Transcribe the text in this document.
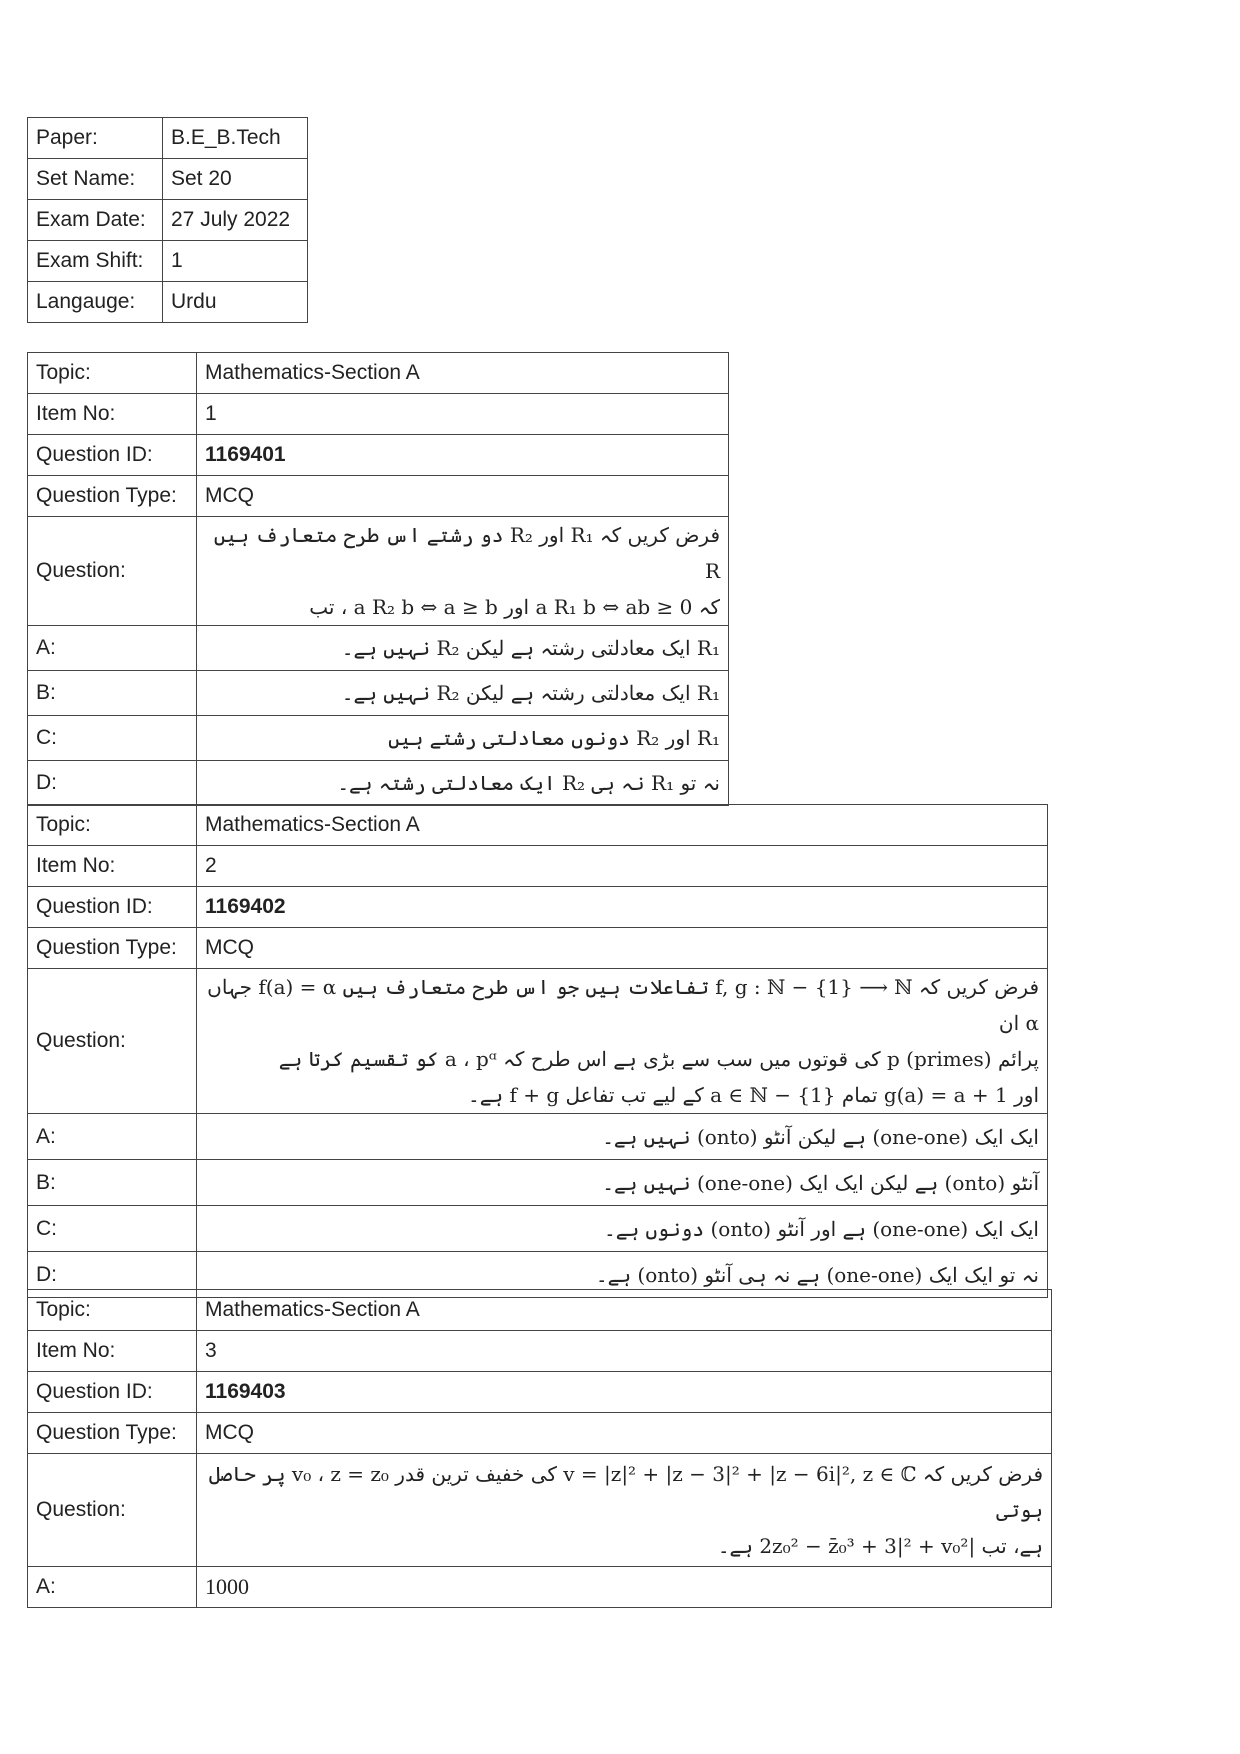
Paper:	B.E_B.Tech
Set Name:	Set 20
Exam Date:	27 July 2022
Exam Shift:	1
Langauge:	Urdu
Topic:	Mathematics-Section A
Item No:	1
Question ID:	1169401
Question Type:	MCQ
Question:	فرض کریں کہ R₁ اور R₂ دو رشتے اس طرح متعارف ہیں R
کہ a R₁ b ⇔ ab ≥ 0 اور a R₂ b ⇔ a ≥ b ، تب

A:	R₁ ایک معادلتی رشتہ ہے لیکن R₂ نہیں ہے۔
B:	R₁ ایک معادلتی رشتہ ہے لیکن R₂ نہیں ہے۔
C:	R₁ اور R₂ دونوں معادلتی رشتے ہیں
D:	نہ تو R₁ نہ ہی R₂ ایک معادلتی رشتہ ہے۔
Topic:	Mathematics-Section A
Item No:	2
Question ID:	1169402
Question Type:	MCQ
Question:	فرض کریں کہ f, g : ℕ − {1} ⟶ ℕ تفاعلات ہیں جو اس طرح متعارف ہیں f(a) = α جہاں α ان
پرائم (primes) p کی قوتوں میں سب سے بڑی ہے اس طرح کہ a ، pᵅ کو تقسیم کرتا ہے
اور g(a) = a + 1 تمام a ∈ ℕ − {1} کے لیے تب تفاعل f + g ہے۔

A:	ایک ایک (one-one) ہے لیکن آنٹو (onto) نہیں ہے۔
B:	آنٹو (onto) ہے لیکن ایک ایک (one-one) نہیں ہے۔
C:	ایک ایک (one-one) ہے اور آنٹو (onto) دونوں ہے۔
D:	نہ تو ایک ایک (one-one) ہے نہ ہی آنٹو (onto) ہے۔
Topic:	Mathematics-Section A
Item No:	3
Question ID:	1169403
Question Type:	MCQ
Question:	فرض کریں کہ v = |z|² + |z − 3|² + |z − 6i|², z ∈ ℂ کی خفیف ترین قدر v₀ ، z = z₀ پر حاصل ہوتی
ہے، تب |2z₀² − z̄₀³ + 3|² + v₀² ہے۔

A:	1000
